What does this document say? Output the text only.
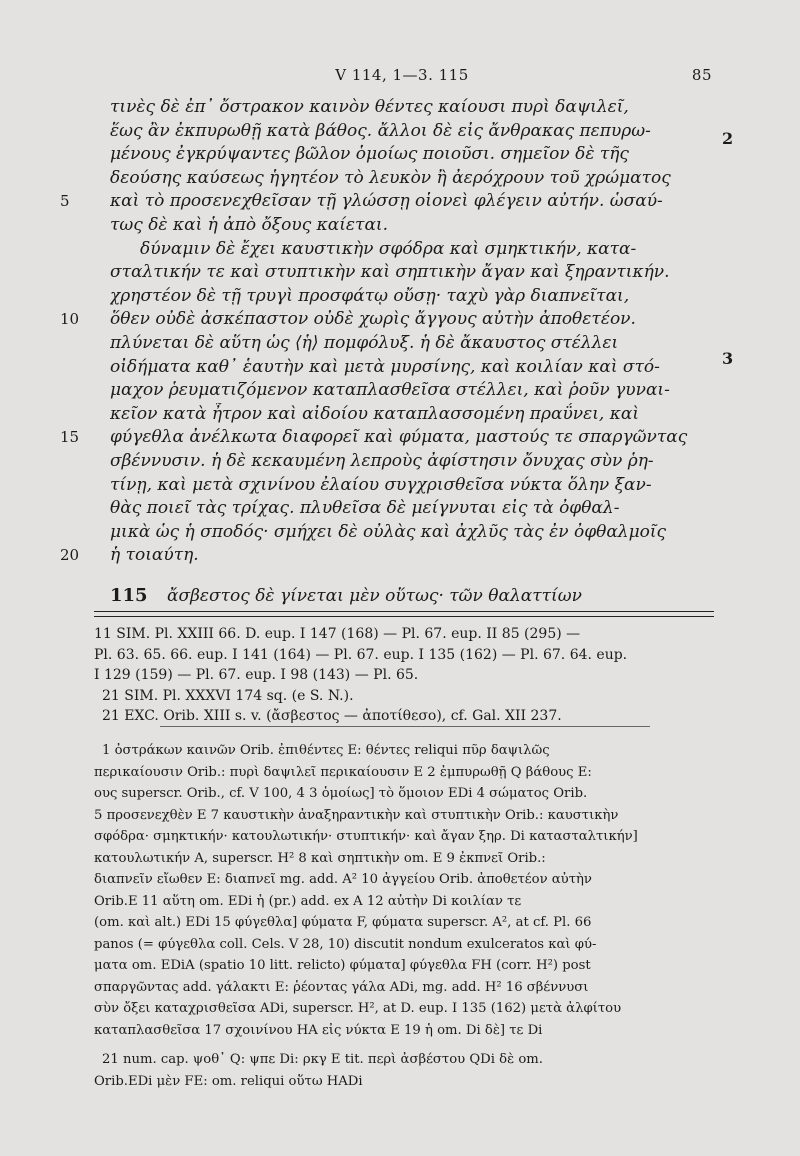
V 114, 1—3. 115	85
τινὲς δὲ ἐπ᾽ ὄστρακον καινὸν θέντες καίουσι πυρὶ δαψιλεῖ,
ἕως ἂν ἐκπυρωθῇ κατὰ βάθος. ἄλλοι δὲ εἰς ἄνθρακας πεπυρω-
μένους ἐγκρύψαντες βῶλον ὁμοίως ποιοῦσι. σημεῖον δὲ τῆς
δεούσης καύσεως ἡγητέον τὸ λευκὸν ἢ ἀερόχρουν τοῦ χρώματος
5	καὶ τὸ προσενεχθεῖσαν τῇ γλώσσῃ οἱονεὶ φλέγειν αὐτήν. ὡσαύ-
τως δὲ καὶ ἡ ἀπὸ ὄξους καίεται.
δύναμιν δὲ ἔχει καυστικὴν σφόδρα καὶ σμηκτικήν, κατα-
σταλτικήν τε καὶ στυπτικὴν καὶ σηπτικὴν ἄγαν καὶ ξηραντικήν.
χρηστέον δὲ τῇ τρυγὶ προσφάτῳ οὔσῃ· ταχὺ γὰρ διαπνεῖται,
10	ὅθεν οὐδὲ ἀσκέπαστον οὐδὲ χωρὶς ἄγγους αὐτὴν ἀποθετέον.
πλύνεται δὲ αὕτη ὡς ⟨ἡ⟩ πομφόλυξ. ἡ δὲ ἄκαυστος στέλλει
οἰδήματα καθ᾽ ἑαυτὴν καὶ μετὰ μυρσίνης, καὶ κοιλίαν καὶ στό-
μαχον ῥευματιζόμενον καταπλασθεῖσα στέλλει, καὶ ῥοῦν γυναι-
κεῖον κατὰ ἦτρον καὶ αἰδοίου καταπλασσομένη πραΰνει, καὶ
15	φύγεθλα ἀνέλκωτα διαφορεῖ καὶ φύματα, μαστούς τε σπαργῶντας
σβέννυσιν. ἡ δὲ κεκαυμένη λεπροὺς ἀφίστησιν ὄνυχας σὺν ῥη-
τίνῃ, καὶ μετὰ σχινίνου ἐλαίου συγχρισθεῖσα νύκτα ὅλην ξαν-
θὰς ποιεῖ τὰς τρίχας. πλυθεῖσα δὲ μείγνυται εἰς τὰ ὀφθαλ-
μικὰ ὡς ἡ σποδός· σμήχει δὲ οὐλὰς καὶ ἀχλῦς τὰς ἐν ὀφθαλμοῖς
20	ἡ τοιαύτη.
2
3
115 ἄσβεστος δὲ γίνεται μὲν οὕτως· τῶν θαλαττίων
11 SIM. Pl. XXIII 66. D. eup. I 147 (168) — Pl. 67. eup. II 85 (295) —
Pl. 63. 65. 66. eup. I 141 (164) — Pl. 67. eup. I 135 (162) — Pl. 67. 64. eup.
I 129 (159) — Pl. 67. eup. I 98 (143) — Pl. 65.
21 SIM. Pl. XXXVI 174 sq. (e S. N.).
21 EXC. Orib. XIII s. v. (ἄσβεστος — ἀποτίθεσο), cf. Gal. XII 237.
1 ὀστράκων καινῶν Orib. ἐπιθέντες E: θέντες reliqui πῦρ δαψιλῶς
περικαίουσιν Orib.: πυρὶ δαψιλεῖ περικαίουσιν E 2 ἐμπυρωθῇ Q βάθους E:
ους superscr. Orib., cf. V 100, 4 3 ὁμοίως] τὸ ὅμοιον EDi 4 σώματος Orib.
5 προσενεχθὲν E 7 καυστικὴν ἀναξηραντικὴν καὶ στυπτικὴν Orib.: καυστικὴν
σφόδρα· σμηκτικήν· κατουλωτικήν· στυπτικήν· καὶ ἄγαν ξηρ. Di κατασταλτικήν]
κατουλωτικήν A, superscr. H² 8 καὶ σηπτικὴν om. E 9 ἐκπνεῖ Orib.:
διαπνεῖν εἴωθεν E: διαπνεῖ mg. add. A² 10 ἀγγείου Orib. ἀποθετέον αὐτὴν
Orib.E 11 αὕτη om. EDi ἡ (pr.) add. ex A 12 αὐτὴν Di κοιλίαν τε
(om. καὶ alt.) EDi 15 φύγεθλα] φύματα F, φύματα superscr. A², at cf. Pl. 66
panos (= φύγεθλα coll. Cels. V 28, 10) discutit nondum exulceratos καὶ φύ-
ματα om. EDiA (spatio 10 litt. relicto) φύματα] φύγεθλα FH (corr. H²) post
σπαργῶντας add. γάλακτι E: ῥέοντας γάλα ADi, mg. add. H² 16 σβέννυσι
σὺν ὄξει καταχρισθεῖσα ADi, superscr. H², at D. eup. I 135 (162) μετὰ ἀλφίτου
καταπλασθεῖσα 17 σχοινίνου HA εἰς νύκτα E 19 ἡ om. Di δὲ] τε Di
21 num. cap. ψοθ᾽ Q: ψπε Di: ρκγ E tit. περὶ ἀσβέστου QDi δὲ om.
Orib.EDi μὲν FE: om. reliqui οὕτω HADi
